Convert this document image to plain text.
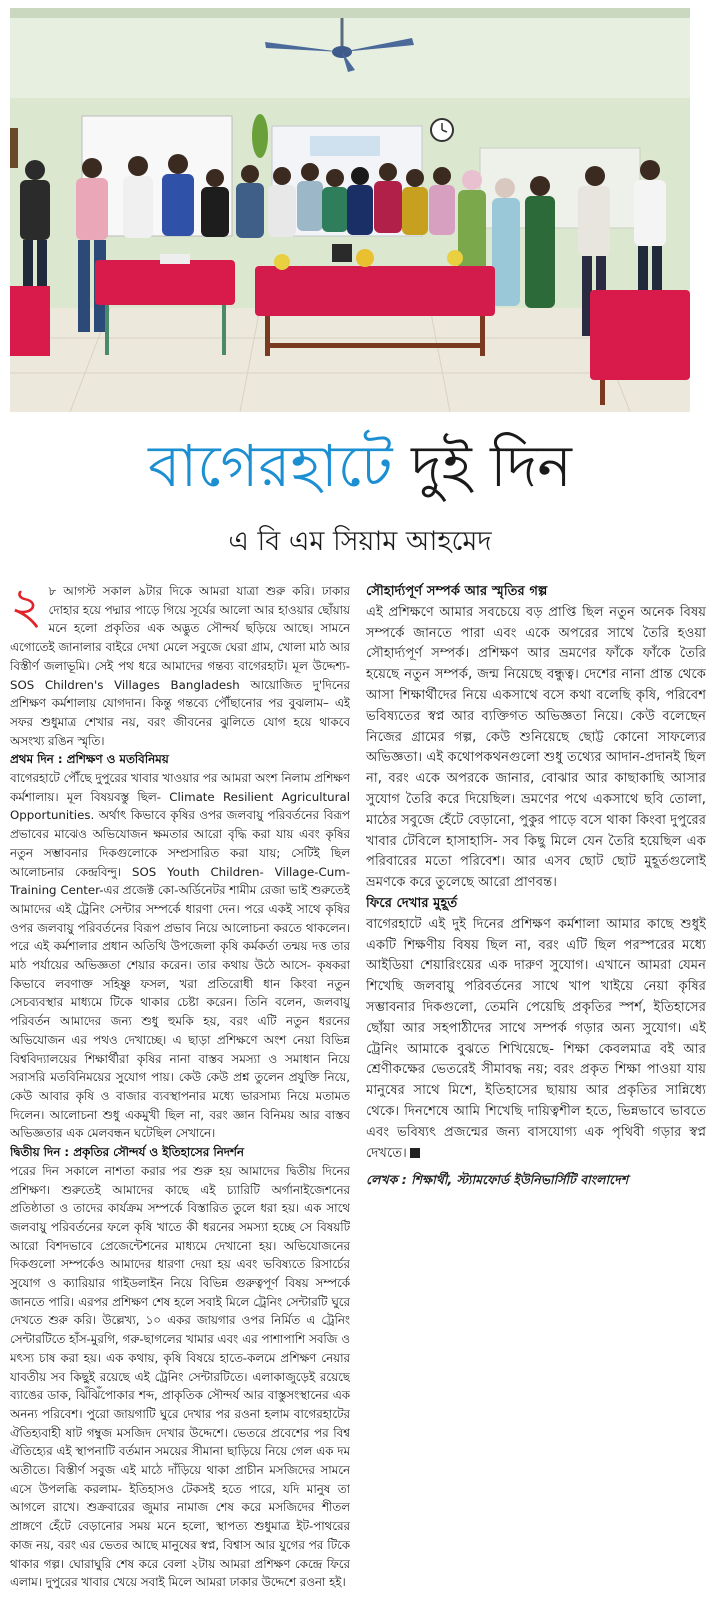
বাগেরহাটে দুই দিন
এ বি এম সিয়াম আহমেদ

২ ৮ আগস্ট সকাল ৯টার দিকে আমরা যাত্রা শুরু করি। ঢাকার দোহার হয়ে পদ্মার পাড়ে গিয়ে সূর্যের আলো আর হাওয়ার ছোঁয়ায় মনে হলো প্রকৃতির এক অদ্ভুত সৌন্দর্য ছড়িয়ে আছে। সামনে এগোতেই জানালার বাইরে দেখা মেলে সবুজে ঘেরা গ্রাম, খোলা মাঠ আর বিস্তীর্ণ জলাভূমি। সেই পথ ধরে আমাদের গন্তব্য বাগেরহাট। মূল উদ্দেশ্য- SOS Children's Villages Bangladesh আয়োজিত দু'দিনের প্রশিক্ষণ কর্মশালায় যোগদান। কিন্তু গন্তব্যে পৌঁছানোর পর বুঝলাম– এই সফর শুধুমাত্র শেখার নয়, বরং জীবনের ঝুলিতে যোগ হয়ে থাকবে অসংখ্য রঙিন স্মৃতি।

প্রথম দিন : প্রশিক্ষণ ও মতবিনিময়

বাগেরহাটে পৌঁছে দুপুরের খাবার খাওয়ার পর আমরা অংশ নিলাম প্রশিক্ষণ কর্মশালায়। মূল বিষয়বস্তু ছিল- Climate Resilient Agricultural Opportunities. অর্থাৎ কিভাবে কৃষির ওপর জলবায়ু পরিবর্তনের বিরূপ প্রভাবের মাঝেও অভিযোজন ক্ষমতার আরো বৃদ্ধি করা যায় এবং কৃষির নতুন সম্ভাবনার দিকগুলোকে সম্প্রসারিত করা যায়; সেটিই ছিল আলোচনার কেন্দ্রবিন্দু। SOS Youth Children- Village-Cum-Training Center-এর প্রজেক্ট কো-অর্ডিনেটর শামীম রেজা ভাই শুরুতেই আমাদের এই ট্রেনিং সেন্টার সম্পর্কে ধারণা দেন। পরে একই সাথে কৃষির ওপর জলবায়ু পরিবর্তনের বিরূপ প্রভাব নিয়ে আলোচনা করতে থাকলেন। পরে এই কর্মশালার প্রধান অতিথি উপজেলা কৃষি কর্মকর্তা তন্ময় দত্ত তার মাঠ পর্যায়ের অভিজ্ঞতা শেয়ার করেন। তার কথায় উঠে আসে- কৃষকরা কিভাবে লবণাক্ত সহিষ্ণু ফসল, খরা প্রতিরোধী ধান কিংবা নতুন সেচব্যবস্থার মাধ্যমে টিকে থাকার চেষ্টা করেন। তিনি বলেন, জলবায়ু পরিবর্তন আমাদের জন্য শুধু হুমকি হয়, বরং এটি নতুন ধরনের অভিযোজন এর পথও দেখাচ্ছে। এ ছাড়া প্রশিক্ষণে অংশ নেয়া বিভিন্ন বিশ্ববিদ্যালয়ের শিক্ষার্থীরা কৃষির নানা বাস্তব সমস্যা ও সমাধান নিয়ে সরাসরি মতবিনিময়ের সুযোগ পায়। কেউ কেউ প্রশ্ন তুলেন প্রযুক্তি নিয়ে, কেউ আবার কৃষি ও বাজার ব্যবস্থাপনার মধ্যে ভারসাম্য নিয়ে মতামত দিলেন। আলোচনা শুধু একমুখী ছিল না, বরং জ্ঞান বিনিময় আর বাস্তব অভিজ্ঞতার এক মেলবন্ধন ঘটেছিল সেখানে।

দ্বিতীয় দিন : প্রকৃতির সৌন্দর্য ও ইতিহাসের নিদর্শন

পরের দিন সকালে নাশতা করার পর শুরু হয় আমাদের দ্বিতীয় দিনের প্রশিক্ষণ। শুরুতেই আমাদের কাছে এই চ্যারিটি অর্গানাইজেশনের প্রতিষ্ঠাতা ও তাদের কার্যক্রম সম্পর্কে বিস্তারিত তুলে ধরা হয়। এক সাথে জলবায়ু পরিবর্তনের ফলে কৃষি খাতে কী ধরনের সমস্যা হচ্ছে সে বিষয়টি আরো বিশদভাবে প্রেজেন্টেশনের মাধ্যমে দেখানো হয়। অভিযোজনের দিকগুলো সম্পর্কেও আমাদের ধারণা দেয়া হয় এবং ভবিষ্যতে রিসার্চের সুযোগ ও ক্যারিয়ার গাইডলাইন নিয়ে বিভিন্ন গুরুত্বপূর্ণ বিষয় সম্পর্কে জানতে পারি। এরপর প্রশিক্ষণ শেষ হলে সবাই মিলে ট্রেনিং সেন্টারটি ঘুরে দেখতে শুরু করি। উল্লেখ্য, ১০ একর জায়গার ওপর নির্মিত এ ট্রেনিং সেন্টারটিতে হাঁস-মুরগি, গরু-ছাগলের খামার এবং এর পাশাপাশি সবজি ও মৎস্য চাষ করা হয়। এক কথায়, কৃষি বিষয়ে হাতে-কলমে প্রশিক্ষণ নেয়ার যাবতীয় সব কিছুই রয়েছে এই ট্রেনিং সেন্টারটিতে। এলাকাজুড়েই রয়েছে ব্যাঙের ডাক, ঝিঁঝিঁপোকার শব্দ, প্রাকৃতিক সৌন্দর্য আর বাস্তুসংস্থানের এক অনন্য পরিবেশ। পুরো জায়গাটি ঘুরে দেখার পর রওনা হলাম বাগেরহাটের ঐতিহ্যবাহী ষাট গম্বুজ মসজিদ দেখার উদ্দেশে। ভেতরে প্রবেশের পর বিশ্ব ঐতিহ্যের এই স্থাপনাটি বর্তমান সময়ের সীমানা ছাড়িয়ে নিয়ে গেল এক দম অতীতে। বিস্তীর্ণ সবুজ এই মাঠে দাঁড়িয়ে থাকা প্রাচীন মসজিদের সামনে এসে উপলব্ধি করলাম- ইতিহাসও টেকসই হতে পারে, যদি মানুষ তা আগলে রাখে। শুক্রবারের জুমার নামাজ শেষ করে মসজিদের শীতল প্রাঙ্গণে হেঁটে বেড়ানোর সময় মনে হলো, স্থাপত্য শুধুমাত্র ইট-পাথরের কাজ নয়, বরং এর ভেতর আছে মানুষের স্বপ্ন, বিশ্বাস আর যুগের পর টিকে থাকার গল্প। ঘোরাঘুরি শেষ করে বেলা ২টায় আমরা প্রশিক্ষণ কেন্দ্রে ফিরে এলাম। দুপুরের খাবার খেয়ে সবাই মিলে আমরা ঢাকার উদ্দেশে রওনা হই।

সৌহার্দ্যপূর্ণ সম্পর্ক আর স্মৃতির গল্প

এই প্রশিক্ষণে আমার সবচেয়ে বড় প্রাপ্তি ছিল নতুন অনেক বিষয় সম্পর্কে জানতে পারা এবং একে অপরের সাথে তৈরি হওয়া সৌহার্দ্যপূর্ণ সম্পর্ক। প্রশিক্ষণ আর ভ্রমণের ফাঁকে ফাঁকে তৈরি হয়েছে নতুন সম্পর্ক, জন্ম নিয়েছে বন্ধুত্ব। দেশের নানা প্রান্ত থেকে আসা শিক্ষার্থীদের নিয়ে একসাথে বসে কথা বলেছি কৃষি, পরিবেশ ভবিষ্যতের স্বপ্ন আর ব্যক্তিগত অভিজ্ঞতা নিয়ে। কেউ বলেছেন নিজের গ্রামের গল্প, কেউ শুনিয়েছে ছোট্ট কোনো সাফল্যের অভিজ্ঞতা। এই কথোপকথনগুলো শুধু তথ্যের আদান-প্রদানই ছিল না, বরং একে অপরকে জানার, বোঝার আর কাছাকাছি আসার সুযোগ তৈরি করে দিয়েছিল। ভ্রমণের পথে একসাথে ছবি তোলা, মাঠের সবুজে হেঁটে বেড়ানো, পুকুর পাড়ে বসে থাকা কিংবা দুপুরের খাবার টেবিলে হাসাহাসি- সব কিছু মিলে যেন তৈরি হয়েছিল এক পরিবারের মতো পরিবেশ। আর এসব ছোট ছোট মুহূর্তগুলোই ভ্রমণকে করে তুলেছে আরো প্রাণবন্ত।

ফিরে দেখার মুহূর্ত

বাগেরহাটে এই দুই দিনের প্রশিক্ষণ কর্মশালা আমার কাছে শুধুই একটি শিক্ষণীয় বিষয় ছিল না, বরং এটি ছিল পরস্পরের মধ্যে আইডিয়া শেয়ারিংয়ের এক দারুণ সুযোগ। এখানে আমরা যেমন শিখেছি জলবায়ু পরিবর্তনের সাথে খাপ খাইয়ে নেয়া কৃষির সম্ভাবনার দিকগুলো, তেমনি পেয়েছি প্রকৃতির স্পর্শ, ইতিহাসের ছোঁয়া আর সহপাঠীদের সাথে সম্পর্ক গড়ার অন্য সুযোগ। এই ট্রেনিং আমাকে বুঝতে শিখিয়েছে- শিক্ষা কেবলমাত্র বই আর শ্রেণীকক্ষের ভেতরেই সীমাবদ্ধ নয়; বরং প্রকৃত শিক্ষা পাওয়া যায় মানুষের সাথে মিশে, ইতিহাসের ছায়ায় আর প্রকৃতির সান্নিধ্যে থেকে। দিনশেষে আমি শিখেছি দায়িত্বশীল হতে, ভিন্নভাবে ভাবতে এবং ভবিষ্যৎ প্রজন্মের জন্য বাসযোগ্য এক পৃথিবী গড়ার স্বপ্ন দেখতে।

লেখক : শিক্ষার্থী, স্ট্যামফোর্ড ইউনিভার্সিটি বাংলাদেশ
